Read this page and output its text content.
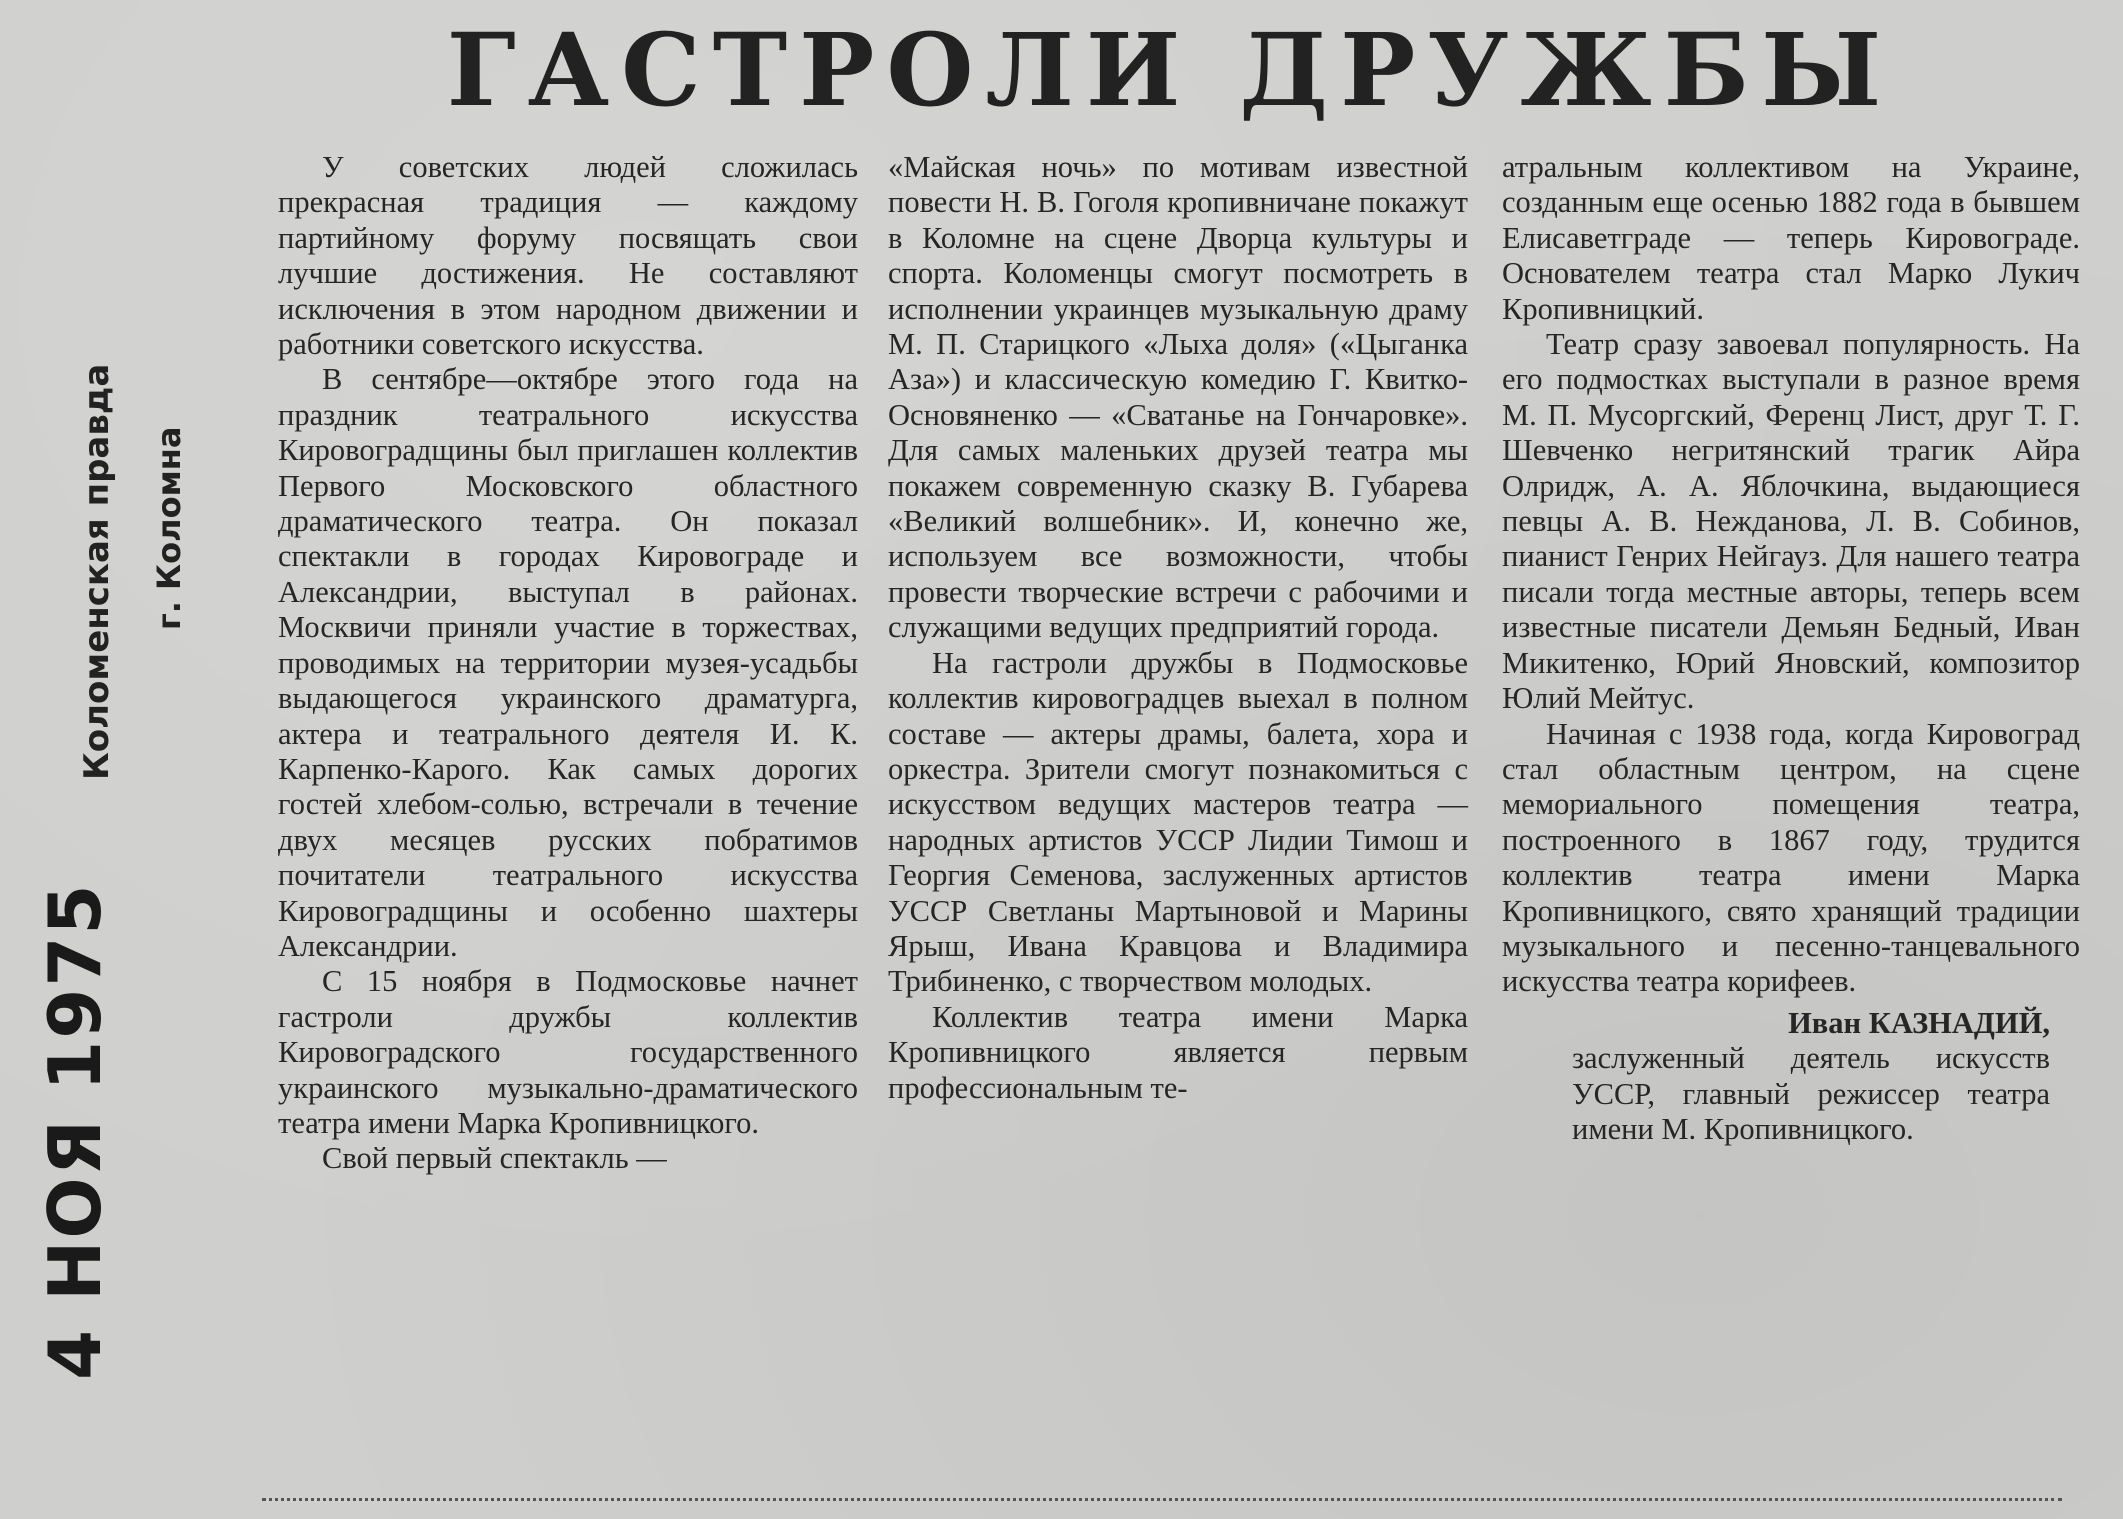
ГАСТРОЛИ ДРУЖБЫ
Коломенская правда г. Коломна
4 НОЯ 1975

У советских людей сложилась прекрасная традиция — каждому партийному форуму посвящать свои лучшие достижения. Не составляют исключения в этом народном движении и работники советского искусства.

В сентябре—октябре этого года на праздник театрального искусства Кировоградщины был приглашен коллектив Первого Московского областного драматического театра. Он показал спектакли в городах Кировограде и Александрии, выступал в районах. Москвичи приняли участие в торжествах, проводимых на территории музея-усадьбы выдающегося украинского драматурга, актера и театрального деятеля И. К. Карпенко-Карого. Как самых дорогих гостей хлебом-солью, встречали в течение двух месяцев русских побратимов почитатели театрального искусства Кировоградщины и особенно шахтеры Александрии.

С 15 ноября в Подмосковье начнет гастроли дружбы коллектив Кировоградского государственного украинского музыкально-драматического театра имени Марка Кропивницкого.

Свой первый спектакль —

«Майская ночь» по мотивам известной повести Н. В. Гоголя кропивничане покажут в Коломне на сцене Дворца культуры и спорта. Коломенцы смогут посмотреть в исполнении украинцев музыкальную драму М. П. Старицкого «Лыха доля» («Цыганка Аза») и классическую комедию Г. Квитко-Основяненко — «Сватанье на Гончаровке». Для самых маленьких друзей театра мы покажем современную сказку В. Губарева «Великий волшебник». И, конечно же, используем все возможности, чтобы провести творческие встречи с рабочими и служащими ведущих предприятий города.

На гастроли дружбы в Подмосковье коллектив кировоградцев выехал в полном составе — актеры драмы, балета, хора и оркестра. Зрители смогут познакомиться с искусством ведущих мастеров театра — народных артистов УССР Лидии Тимош и Георгия Семенова, заслуженных артистов УССР Светланы Мартыновой и Марины Ярыш, Ивана Кравцова и Владимира Трибиненко, с творчеством молодых.

Коллектив театра имени Марка Кропивницкого является первым профессиональным те-

атральным коллективом на Украине, созданным еще осенью 1882 года в бывшем Елисаветграде — теперь Кировограде. Основателем театра стал Марко Лукич Кропивницкий.

Театр сразу завоевал популярность. На его подмостках выступали в разное время М. П. Мусоргский, Ференц Лист, друг Т. Г. Шевченко негритянский трагик Айра Олридж, А. А. Яблочкина, выдающиеся певцы А. В. Нежданова, Л. В. Собинов, пианист Генрих Нейгауз. Для нашего театра писали тогда местные авторы, теперь всем известные писатели Демьян Бедный, Иван Микитенко, Юрий Яновский, композитор Юлий Мейтус.

Начиная с 1938 года, когда Кировоград стал областным центром, на сцене мемориального помещения театра, построенного в 1867 году, трудится коллектив театра имени Марка Кропивницкого, свято хранящий традиции музыкального и песенно-танцевального искусства театра корифеев.

Иван КАЗНАДИЙ,

заслуженный деятель искусств УССР, главный режиссер театра имени М. Кропивницкого.
